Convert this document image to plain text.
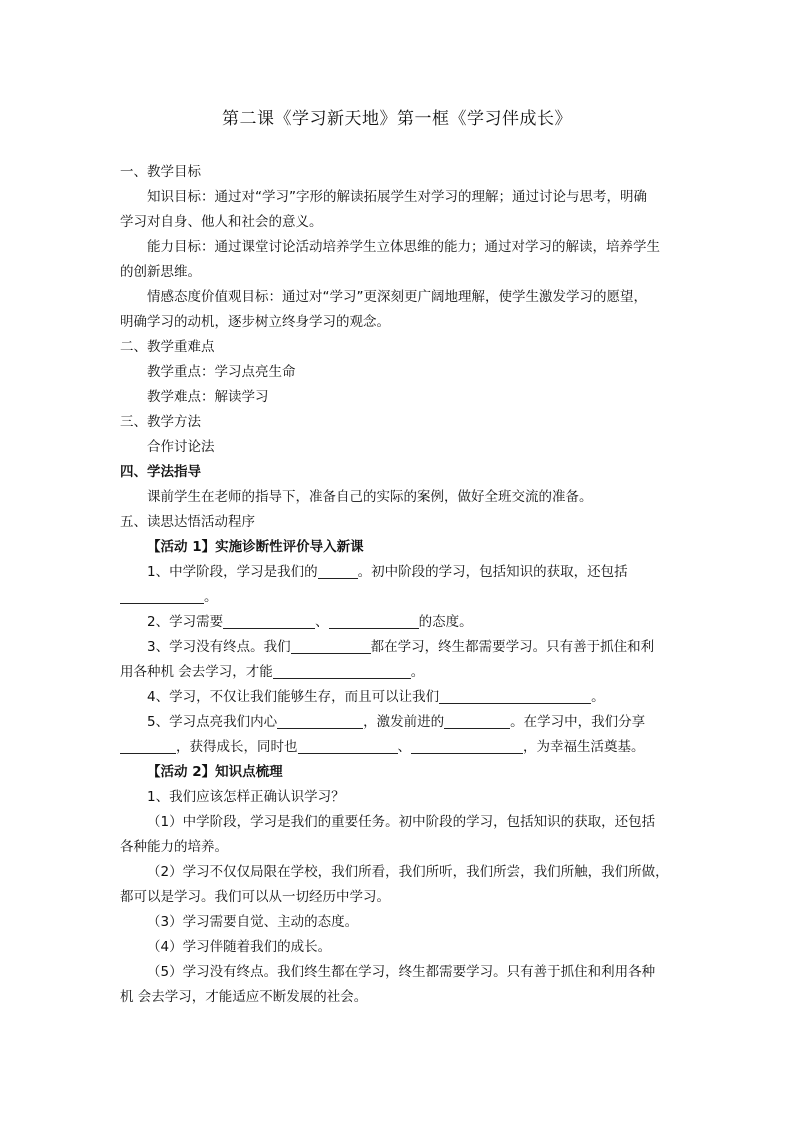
第二课《学习新天地》第一框《学习伴成长》
一、教学目标
知识目标：通过对“学习”字形的解读拓展学生对学习的理解；通过讨论与思考，明确
学习对自身、他人和社会的意义。
能力目标：通过课堂讨论活动培养学生立体思维的能力；通过对学习的解读，培养学生
的创新思维。
情感态度价值观目标：通过对“学习”更深刻更广阔地理解，使学生激发学习的愿望，
明确学习的动机，逐步树立终身学习的观念。
二、教学重难点
教学重点：学习点亮生命
教学难点：解读学习
三、教学方法
合作讨论法
四、学法指导
课前学生在老师的指导下，准备自己的实际的案例，做好全班交流的准备。
五、读思达悟活动程序
【活动 1】实施诊断性评价导入新课
1、中学阶段，学习是我们的	。初中阶段的学习，包括知识的获取，还包括
。
2、学习需要	、	的态度。
3、学习没有终点。我们	都在学习，终生都需要学习。只有善于抓住和利
用各种机 会去学习，才能	。
4、学习，不仅让我们能够生存，而且可以让我们	。
5、学习点亮我们内心	，激发前进的	。在学习中，我们分享
，获得成长，同时也	、	，为幸福生活奠基。
【活动 2】知识点梳理
1、我们应该怎样正确认识学习？
（1）中学阶段，学习是我们的重要任务。初中阶段的学习，包括知识的获取，还包括
各种能力的培养。
（2）学习不仅仅局限在学校，我们所看，我们所听，我们所尝，我们所触，我们所做，
都可以是学习。我们可以从一切经历中学习。
（3）学习需要自觉、主动的态度。
（4）学习伴随着我们的成长。
（5）学习没有终点。我们终生都在学习，终生都需要学习。只有善于抓住和利用各种
机 会去学习，才能适应不断发展的社会。
